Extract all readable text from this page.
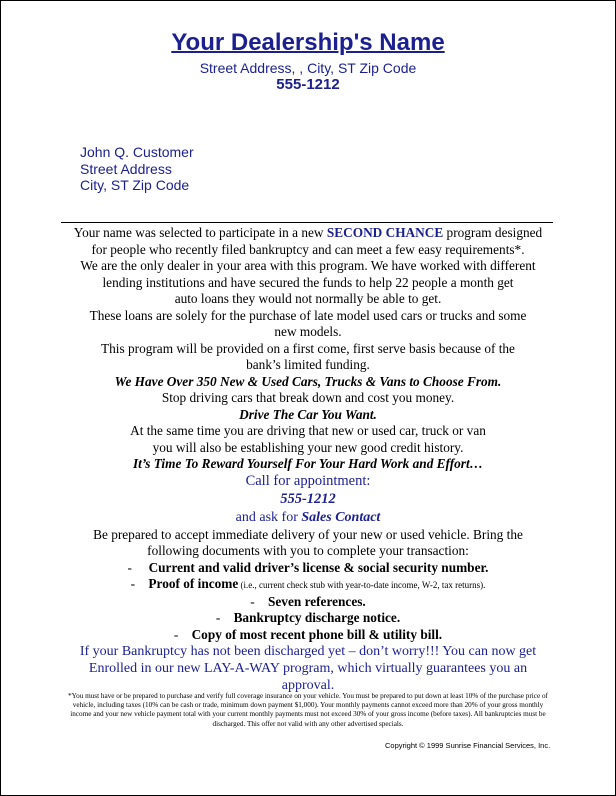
Your Dealership's Name
Street Address, , City, ST Zip Code
555-1212
John Q. Customer
Street Address
City, ST Zip Code
Your name was selected to participate in a new SECOND CHANCE program designed
for people who recently filed bankruptcy and can meet a few easy requirements*.
We are the only dealer in your area with this program. We have worked with different
lending institutions and have secured the funds to help 22 people a month get
auto loans they would not normally be able to get.
These loans are solely for the purchase of late model used cars or trucks and some
new models.
This program will be provided on a first come, first serve basis because of the
bank’s limited funding.
We Have Over 350 New & Used Cars, Trucks & Vans to Choose From.
Stop driving cars that break down and cost you money.
Drive The Car You Want.
At the same time you are driving that new or used car, truck or van
you will also be establishing your new good credit history.
It’s Time To Reward Yourself For Your Hard Work and Effort…
Call for appointment:
555-1212
and ask for Sales Contact
Be prepared to accept immediate delivery of your new or used vehicle. Bring the
following documents with you to complete your transaction:
- Current and valid driver’s license & social security number.
- Proof of income (i.e., current check stub with year-to-date income, W-2, tax returns).
- Seven references.
- Bankruptcy discharge notice.
- Copy of most recent phone bill & utility bill.
If your Bankruptcy has not been discharged yet – don’t worry!!! You can now get
Enrolled in our new LAY-A-WAY program, which virtually guarantees you an
approval.
*You must have or be prepared to purchase and verify full coverage insurance on your vehicle. You must be prepared to put down at least 10% of the purchase price of vehicle, including taxes (10% can be cash or trade, minimum down payment $1,000). Your monthly payments cannot exceed more than 20% of your gross monthly income and your new vehicle payment total with your current monthly payments must not exceed 30% of your gross income (before taxes). All bankruptcies must be discharged. This offer not valid with any other advertised specials.
Copyright © 1999 Sunrise Financial Services, Inc.
